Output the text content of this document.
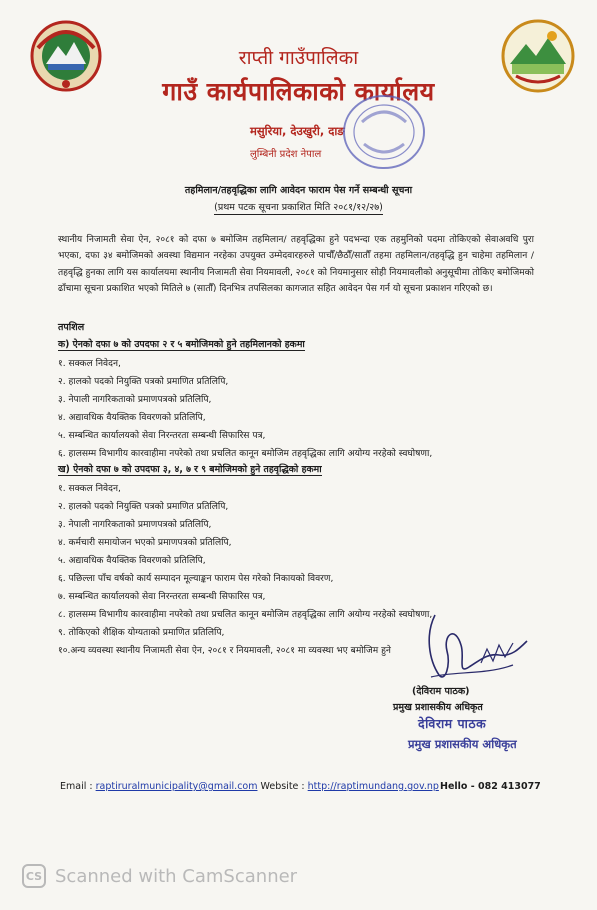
राप्ती गाउँपालिका
गाउँ कार्यपालिकाको कार्यालय
मसुरिया, देउखुरी, दाङ
लुम्बिनी प्रदेश नेपाल
तहमिलान/तहवृद्धिका लागि आवेदन फाराम पेस गर्ने सम्बन्धी सूचना
(प्रथम पटक सूचना प्रकाशित मिति २०८१/१२/२७)
स्थानीय निजामती सेवा ऐन, २०८१ को दफा ७ बमोजिम तहमिलान/ तहवृद्धिका हुने पदभन्दा एक तहमुनिको पदमा तोकिएको सेवाअवधि पुरा भएका, दफा ३४ बमोजिमको अवस्था विद्यमान नरहेका उपयुक्त उम्मेदवारहरुले पाचौँ/छैठौँ/सातौँ तहमा तहमिलान/तहवृद्धि हुन चाहेमा तहमिलान / तहवृद्धि हुनका लागि यस कार्यालयमा स्थानीय निजामती सेवा नियमावली, २०८१ को नियमानुसार सोही नियमावलीको अनुसूचीमा तोकिए बमोजिमको ढाँचामा सूचना प्रकाशित भएको मितिले ७ (सातौँ) दिनभित्र तपसिलका कागजात सहित आवेदन पेस गर्न यो सूचना प्रकाशन गरिएको छ।
तपशिल
क) ऐनको दफा ७ को उपदफा २ र ५ बमोजिमको हुने तहमिलानको हकमा
१. सक्कल निवेदन,
२. हालको पदको नियुक्ति पत्रको प्रमाणित प्रतिलिपि,
३. नेपाली नागरिकताको प्रमाणपत्रको प्रतिलिपि,
४. अद्यावधिक वैयक्तिक विवरणको प्रतिलिपि,
५. सम्बन्धित कार्यालयको सेवा निरन्तरता सम्बन्धी सिफारिस पत्र,
६. हालसम्म विभागीय कारवाहीमा नपरेको तथा प्रचलित कानून बमोजिम तहवृद्धिका लागि अयोग्य नरहेको स्वघोषणा,
ख) ऐनको दफा ७ को उपदफा ३, ४, ७ र ९ बमोजिमको हुने तहवृद्धिको हकमा
१. सक्कल निवेदन,
२. हालको पदको नियुक्ति पत्रको प्रमाणित प्रतिलिपि,
३. नेपाली नागरिकताको प्रमाणपत्रको प्रतिलिपि,
४. कर्मचारी समायोजन भएको प्रमाणपत्रको प्रतिलिपि,
५. अद्यावधिक वैयक्तिक विवरणको प्रतिलिपि,
६. पछिल्ला पाँच वर्षको कार्य सम्पादन मूल्याङ्कन फाराम पेस गरेको निकायको विवरण,
७. सम्बन्धित कार्यालयको सेवा निरन्तरता सम्बन्धी सिफारिस पत्र,
८. हालसम्म विभागीय कारवाहीमा नपरेको तथा प्रचलित कानून बमोजिम तहवृद्धिका लागि अयोग्य नरहेको स्वघोषणा,
९. तोकिएको शैक्षिक योग्यताको प्रमाणित प्रतिलिपि,
१०.अन्य व्यवस्था स्थानीय निजामती सेवा ऐन, २०८१ र नियमावली, २०८१ मा व्यवस्था भए बमोजिम हुने
(देविराम पाठक)
प्रमुख प्रशासकीय अधिकृत
देविराम पाठक
प्रमुख प्रशासकीय अधिकृत
Email : raptiruralmunicipality@gmail.com Website : http://raptimundang.gov.np Hello - 082 413077
CS Scanned with CamScanner
